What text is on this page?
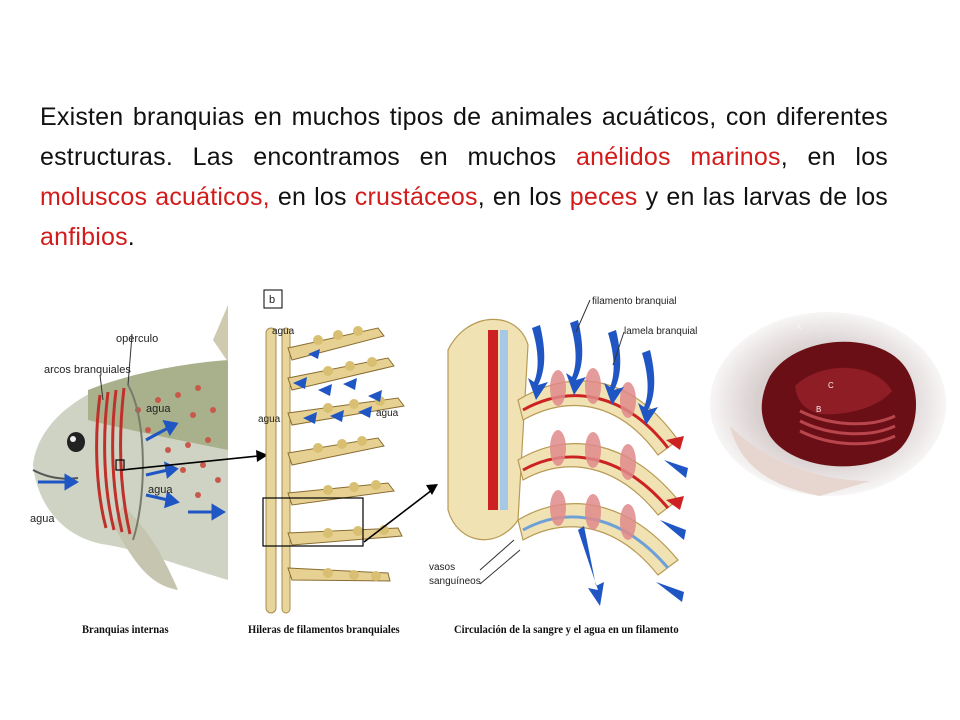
Existen branquias en muchos tipos de animales acuáticos, con diferentes estructuras. Las encontramos en muchos anélidos marinos, en los moluscos acuáticos, en los crustáceos, en los peces y en las larvas de los anfibios.

opérculo
arcos branquiales
agua
agua
agua
b
agua
agua
agua
filamento branquial
lamela branquial
vasos
sanguíneos
Branquias internas	Hileras de filamentos branquiales	Circulación de la sangre y el agua en un filamento
A
C
B
